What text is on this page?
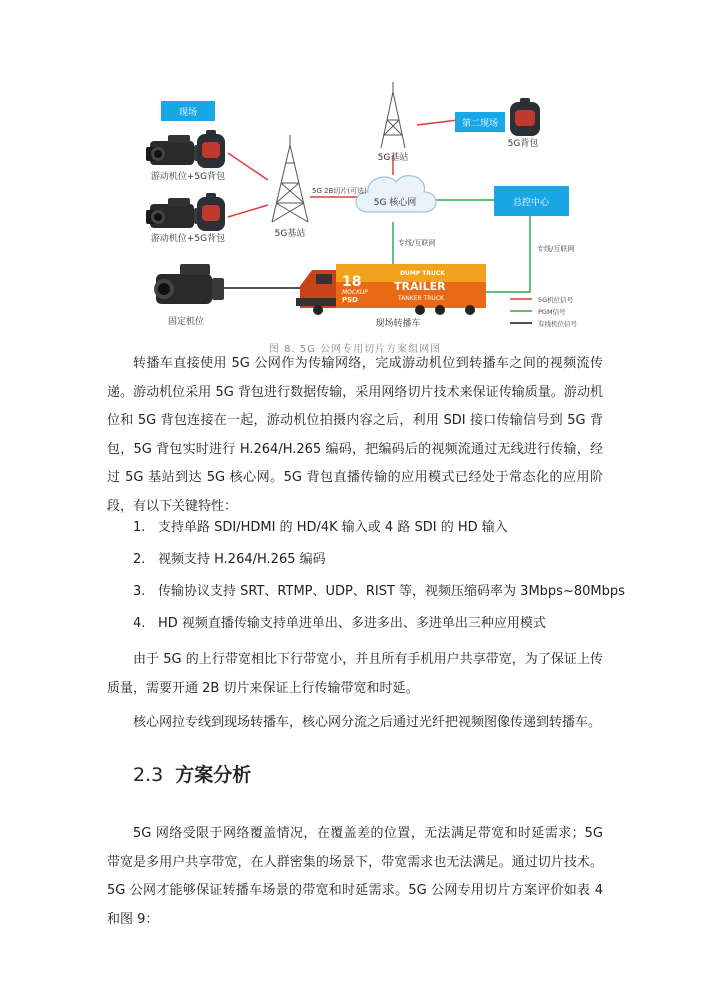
现场
游动机位+5G背包
游动机位+5G背包
固定机位
5G基站
5G基站
第二现场
5G背包
5G 核心网
5G 2B切片(可选)
专线/互联网
专线/互联网
总控中心
18
MOCKUP
PSD
DUMP TRUCK
TRAILER
TANKER TRUCK
现场转播车
5G机位信号
PGM信号
有线机位信号
图 8. 5G 公网专用切片方案组网图

转播车直接使用 5G 公网作为传输网络，完成游动机位到转播车之间的视频流传递。游动机位采用 5G 背包进行数据传输，采用网络切片技术来保证传输质量。游动机位和 5G 背包连接在一起，游动机位拍摄内容之后，利用 SDI 接口传输信号到 5G 背包，5G 背包实时进行 H.264/H.265 编码，把编码后的视频流通过无线进行传输，经过 5G 基站到达 5G 核心网。5G 背包直播传输的应用模式已经处于常态化的应用阶段，有以下关键特性：

1. 支持单路 SDI/HDMI 的 HD/4K 输入或 4 路 SDI 的 HD 输入
2. 视频支持 H.264/H.265 编码
3. 传输协议支持 SRT、RTMP、UDP、RIST 等，视频压缩码率为 3Mbps~80Mbps
4. HD 视频直播传输支持单进单出、多进多出、多进单出三种应用模式

由于 5G 的上行带宽相比下行带宽小，并且所有手机用户共享带宽，为了保证上传质量，需要开通 2B 切片来保证上行传输带宽和时延。

核心网拉专线到现场转播车，核心网分流之后通过光纤把视频图像传递到转播车。

2.3 方案分析

5G 网络受限于网络覆盖情况，在覆盖差的位置，无法满足带宽和时延需求；5G 带宽是多用户共享带宽，在人群密集的场景下，带宽需求也无法满足。通过切片技术。5G 公网才能够保证转播车场景的带宽和时延需求。5G 公网专用切片方案评价如表 4 和图 9：
